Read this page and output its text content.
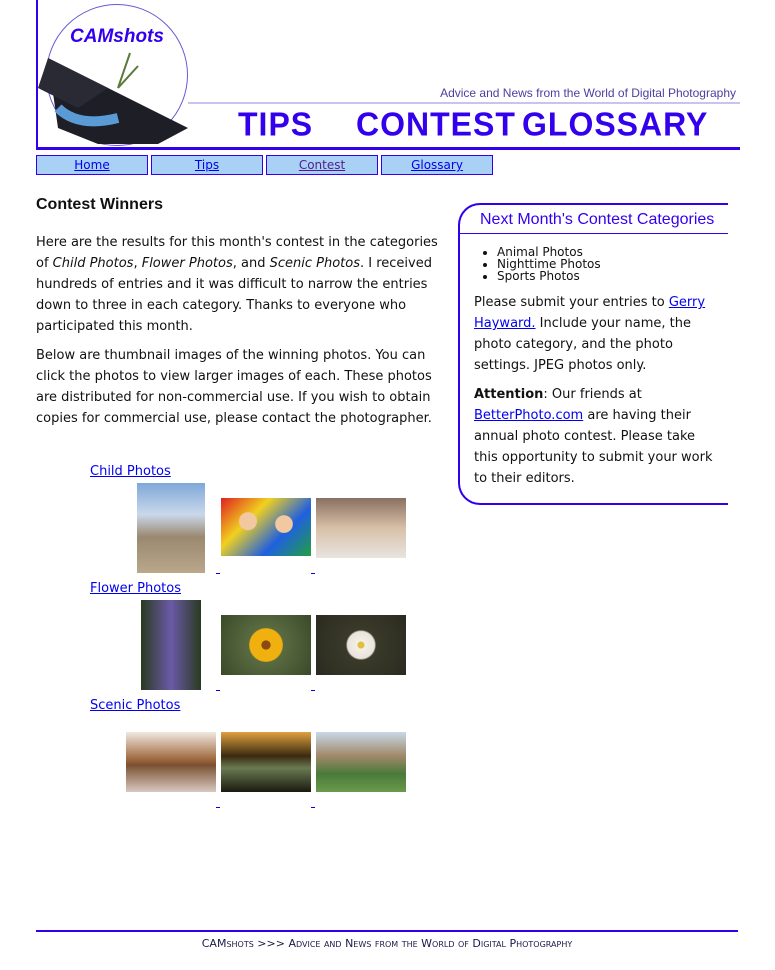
CAMshots
Advice and News from the World of Digital Photography
TIPS CONTEST GLOSSARY
Home	Tips	Contest	Glossary
Contest Winners

Here are the results for this month's contest in the categories of Child Photos, Flower Photos, and Scenic Photos. I received hundreds of entries and it was difficult to narrow the entries down to three in each category. Thanks to everyone who participated this month.

Below are thumbnail images of the winning photos. You can click the photos to view larger images of each. These photos are distributed for non-commercial use. If you wish to obtain copies for commercial use, please contact the photographer.

Child Photos
Flower Photos
Scenic Photos
Next Month's Contest Categories
• Animal Photos
• Nighttime Photos
• Sports Photos

Please submit your entries to Gerry Hayward. Include your name, the photo category, and the photo settings. JPEG photos only.

Attention: Our friends at BetterPhoto.com are having their annual photo contest. Please take this opportunity to submit your work to their editors.

CAMshots >>> Advice and News from the World of Digital Photography
